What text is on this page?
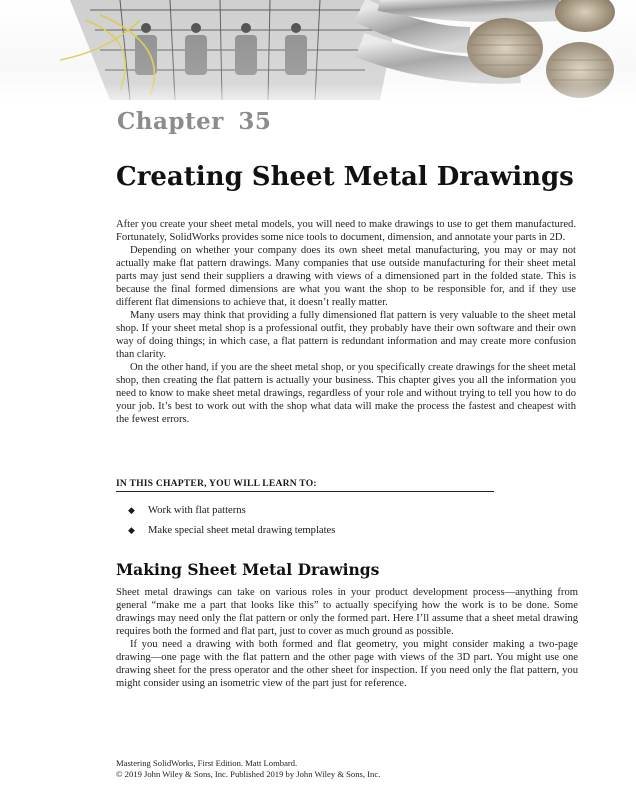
Chapter 35
Creating Sheet Metal Drawings

After you create your sheet metal models, you will need to make drawings to use to get them manufactured. Fortunately, SolidWorks provides some nice tools to document, dimension, and annotate your parts in 2D.

Depending on whether your company does its own sheet metal manufacturing, you may or may not actually make flat pattern drawings. Many companies that use outside manufacturing for their sheet metal parts may just send their suppliers a drawing with views of a dimensioned part in the folded state. This is because the final formed dimensions are what you want the shop to be responsible for, and if they use different flat dimensions to achieve that, it doesn’t really matter.

Many users may think that providing a fully dimensioned flat pattern is very valuable to the sheet metal shop. If your sheet metal shop is a professional outfit, they probably have their own software and their own way of doing things; in which case, a flat pattern is redundant information and may create more confusion than clarity.

On the other hand, if you are the sheet metal shop, or you specifically create drawings for the sheet metal shop, then creating the flat pattern is actually your business. This chapter gives you all the information you need to know to make sheet metal drawings, regardless of your role and without trying to tell you how to do your job. It’s best to work out with the shop what data will make the process the fastest and cheapest with the fewest errors.

IN THIS CHAPTER, YOU WILL LEARN TO:
◆	Work with flat patterns
◆	Make special sheet metal drawing templates
Making Sheet Metal Drawings

Sheet metal drawings can take on various roles in your product development process—anything from general “make me a part that looks like this” to actually specifying how the work is to be done. Some drawings may need only the flat pattern or only the formed part. Here I’ll assume that a sheet metal drawing requires both the formed and flat part, just to cover as much ground as possible.

If you need a drawing with both formed and flat geometry, you might consider making a two-page drawing—one page with the flat pattern and the other page with views of the 3D part. You might use one drawing sheet for the press operator and the other sheet for inspection. If you need only the flat pattern, you might consider using an isometric view of the part just for reference.

Mastering SolidWorks, First Edition. Matt Lombard.
© 2019 John Wiley & Sons, Inc. Published 2019 by John Wiley & Sons, Inc.
